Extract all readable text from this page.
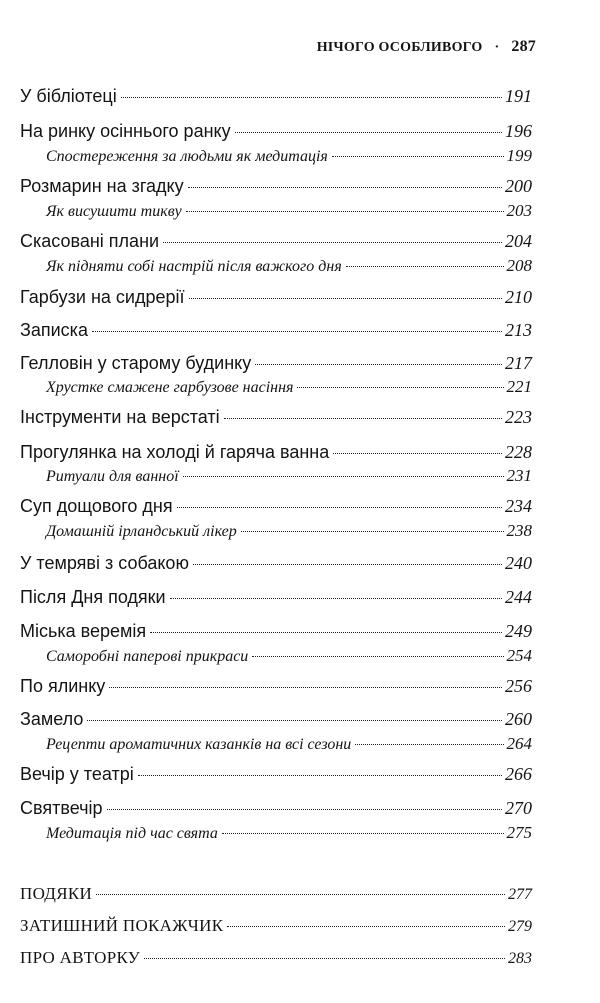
НІЧОГО ОСОБЛИВОГО · 287
У бібліотеці	191
На ринку осіннього ранку	196
Спостереження за людьми як медитація	199
Розмарин на згадку	200
Як висушити тикву	203
Скасовані плани	204
Як підняти собі настрій після важкого дня	208
Гарбузи на сидрерії	210
Записка	213
Гелловін у старому будинку	217
Хрустке смажене гарбузове насіння	221
Інструменти на верстаті	223
Прогулянка на холоді й гаряча ванна	228
Ритуали для ванної	231
Суп дощового дня	234
Домашній ірландський лікер	238
У темряві з собакою	240
Після Дня подяки	244
Міська веремія	249
Саморобні паперові прикраси	254
По ялинку	256
Замело	260
Рецепти ароматичних казанків на всі сезони	264
Вечір у театрі	266
Святвечір	270
Медитація під час свята	275
ПОДЯКИ	277
ЗАТИШНИЙ ПОКАЖЧИК	279
ПРО АВТОРКУ	283
